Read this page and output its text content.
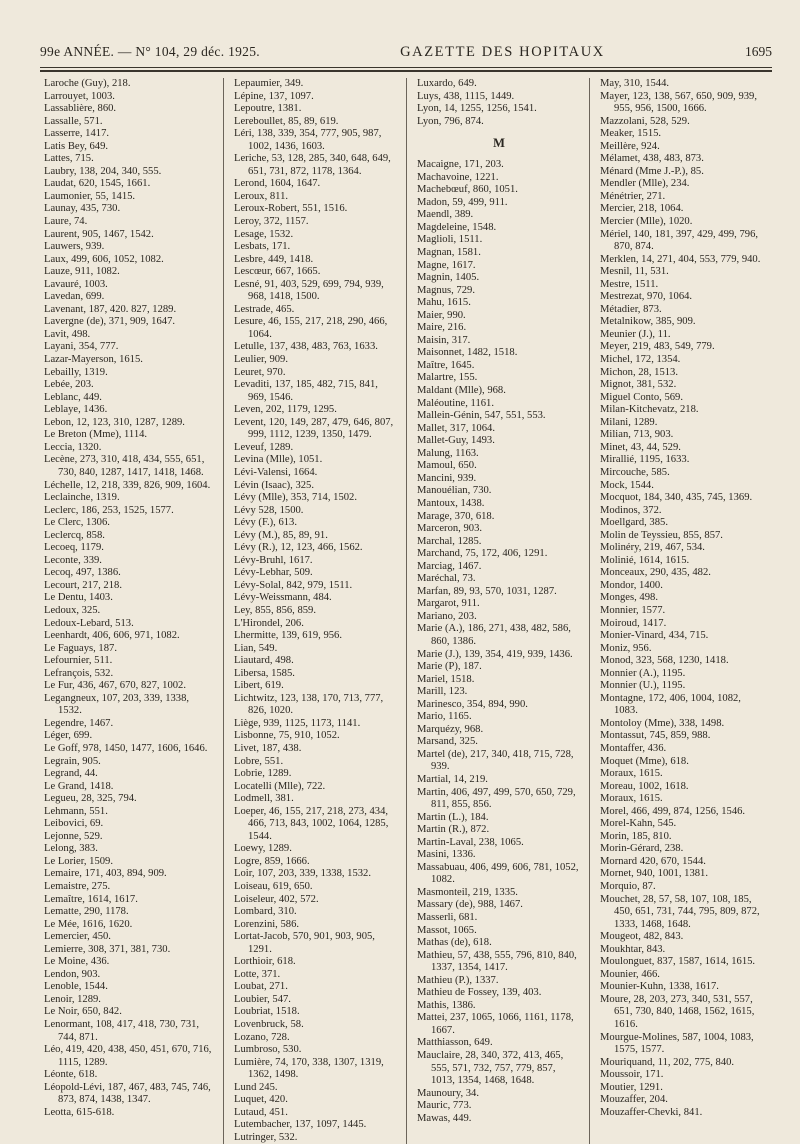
99e ANNÉE. — N° 104, 29 déc. 1925.	GAZETTE DES HOPITAUX	1695
Laroche (Guy), 218.
Larrouyet, 1003.
Lassablière, 860.
Lassalle, 571.
Lasserre, 1417.
Latis Bey, 649.
Lattes, 715.
Laubry, 138, 204, 340, 555.
Laudat, 620, 1545, 1661.
Laumonier, 55, 1415.
Launay, 435, 730.
Laure, 74.
Laurent, 905, 1467, 1542.
Lauwers, 939.
Laux, 499, 606, 1052, 1082.
Lauze, 911, 1082.
Lavauré, 1003.
Lavedan, 699.
Lavenant, 187, 420. 827, 1289.
Lavergne (de), 371, 909, 1647.
Lavit, 498.
Layani, 354, 777.
Lazar-Mayerson, 1615.
Lebailly, 1319.
Lebée, 203.
Leblanc, 449.
Leblaye, 1436.
Lebon, 12, 123, 310, 1287, 1289.
Le Breton (Mme), 1114.
Leccia, 1320.
Lecène, 273, 310, 418, 434, 555, 651, 730, 840, 1287, 1417, 1418, 1468.
Léchelle, 12, 218, 339, 826, 909, 1604.
Leclainche, 1319.
Leclerc, 186, 253, 1525, 1577.
Le Clerc, 1306.
Leclercq, 858.
Lecoeq, 1179.
Leconte, 339.
Lecoq, 497, 1386.
Lecourt, 217, 218.
Le Dentu, 1403.
Ledoux, 325.
Ledoux-Lebard, 513.
Leenhardt, 406, 606, 971, 1082.
Le Faguays, 187.
Lefournier, 511.
Lefrançois, 532.
Le Fur, 436, 467, 670, 827, 1002.
Legangneux, 107, 203, 339, 1338, 1532.
Legendre, 1467.
Léger, 699.
Le Goff, 978, 1450, 1477, 1606, 1646.
Legrain, 905.
Legrand, 44.
Le Grand, 1418.
Legueu, 28, 325, 794.
Lehmann, 551.
Leibovici, 69.
Lejonne, 529.
Lelong, 383.
Le Lorier, 1509.
Lemaire, 171, 403, 894, 909.
Lemaistre, 275.
Lemaître, 1614, 1617.
Lematte, 290, 1178.
Le Mée, 1616, 1620.
Lemercier, 450.
Lemierre, 308, 371, 381, 730.
Le Moine, 436.
Lendon, 903.
Lenoble, 1544.
Lenoir, 1289.
Le Noir, 650, 842.
Lenormant, 108, 417, 418, 730, 731, 744, 871.
Léo, 419, 420, 438, 450, 451, 670, 716, 1115, 1289.
Léonte, 618.
Léopold-Lévi, 187, 467, 483, 745, 746, 873, 874, 1438, 1347.
Leotta, 615-618.
Lepaumier, 349.
Lépine, 137, 1097.
Lepoutre, 1381.
Lereboullet, 85, 89, 619.
Léri, 138, 339, 354, 777, 905, 987, 1002, 1436, 1603.
Leriche, 53, 128, 285, 340, 648, 649, 651, 731, 872, 1178, 1364.
Lerond, 1604, 1647.
Leroux, 811.
Leroux-Robert, 551, 1516.
Leroy, 372, 1157.
Lesage, 1532.
Lesbats, 171.
Lesbre, 449, 1418.
Lescœur, 667, 1665.
Lesné, 91, 403, 529, 699, 794, 939, 968, 1418, 1500.
Lestrade, 465.
Lesure, 46, 155, 217, 218, 290, 466, 1064.
Letulle, 137, 438, 483, 763, 1633.
Leulier, 909.
Leuret, 970.
Levaditi, 137, 185, 482, 715, 841, 969, 1546.
Leven, 202, 1179, 1295.
Levent, 120, 149, 287, 479, 646, 807, 999, 1112, 1239, 1350, 1479.
Leveuf, 1289.
Levina (Mlle), 1051.
Lévi-Valensi, 1664.
Lévin (Isaac), 325.
Lévy (Mlle), 353, 714, 1502.
Lévy 528, 1500.
Lévy (F.), 613.
Lévy (M.), 85, 89, 91.
Lévy (R.), 12, 123, 466, 1562.
Lévy-Bruhl, 1617.
Lévy-Lebhar, 509.
Lévy-Solal, 842, 979, 1511.
Lévy-Weissmann, 484.
Ley, 855, 856, 859.
L'Hirondel, 206.
Lhermitte, 139, 619, 956.
Lian, 549.
Liautard, 498.
Libersa, 1585.
Libert, 619.
Lichtwitz, 123, 138, 170, 713, 777, 826, 1020.
Liège, 939, 1125, 1173, 1141.
Lisbonne, 75, 910, 1052.
Livet, 187, 438.
Lobre, 551.
Lobrie, 1289.
Locatelli (Mlle), 722.
Lodmell, 381.
Loeper, 46, 155, 217, 218, 273, 434, 466, 713, 843, 1002, 1064, 1285, 1544.
Loewy, 1289.
Logre, 859, 1666.
Loir, 107, 203, 339, 1338, 1532.
Loiseau, 619, 650.
Loiseleur, 402, 572.
Lombard, 310.
Lorenzini, 586.
Lortat-Jacob, 570, 901, 903, 905, 1291.
Lorthioir, 618.
Lotte, 371.
Loubat, 271.
Loubier, 547.
Loubriat, 1518.
Lovenbruck, 58.
Lozano, 728.
Lumbroso, 530.
Lumière, 74, 170, 338, 1307, 1319, 1362, 1498.
Lund 245.
Luquet, 420.
Lutaud, 451.
Lutembacher, 137, 1097, 1445.
Lutringer, 532.
Luxardo, 649.
Luys, 438, 1115, 1449.
Lyon, 14, 1255, 1256, 1541.
Lyon, 796, 874.
M
Macaigne, 171, 203.
Machavoine, 1221.
Machebœuf, 860, 1051.
Madon, 59, 499, 911.
Maendl, 389.
Magdeleine, 1548.
Maglioli, 1511.
Magnan, 1581.
Magne, 1617.
Magnin, 1405.
Magnus, 729.
Mahu, 1615.
Maier, 990.
Maire, 216.
Maisin, 317.
Maisonnet, 1482, 1518.
Maître, 1645.
Malartre, 155.
Maldant (Mlle), 968.
Maléoutine, 1161.
Mallein-Génin, 547, 551, 553.
Mallet, 317, 1064.
Mallet-Guy, 1493.
Malung, 1163.
Mamoul, 650.
Mancini, 939.
Manouélian, 730.
Mantoux, 1438.
Marage, 370, 618.
Marceron, 903.
Marchal, 1285.
Marchand, 75, 172, 406, 1291.
Marciag, 1467.
Maréchal, 73.
Marfan, 89, 93, 570, 1031, 1287.
Margarot, 911.
Mariano, 203.
Marie (A.), 186, 271, 438, 482, 586, 860, 1386.
Marie (J.), 139, 354, 419, 939, 1436.
Marie (P), 187.
Mariel, 1518.
Marill, 123.
Marinesco, 354, 894, 990.
Mario, 1165.
Marquézy, 968.
Marsand, 325.
Martel (de), 217, 340, 418, 715, 728, 939.
Martial, 14, 219.
Martin, 406, 497, 499, 570, 650, 729, 811, 855, 856.
Martin (L.), 184.
Martin (R.), 872.
Martin-Laval, 238, 1065.
Masini, 1336.
Massabuau, 406, 499, 606, 781, 1052, 1082.
Masmonteil, 219, 1335.
Massary (de), 988, 1467.
Masserli, 681.
Massot, 1065.
Mathas (de), 618.
Mathieu, 57, 438, 555, 796, 810, 840, 1337, 1354, 1417.
Mathieu (P.), 1337.
Mathieu de Fossey, 139, 403.
Mathis, 1386.
Mattei, 237, 1065, 1066, 1161, 1178, 1667.
Matthiasson, 649.
Mauclaire, 28, 340, 372, 413, 465, 555, 571, 732, 757, 779, 857, 1013, 1354, 1468, 1648.
Maunoury, 34.
Mauric, 773.
Mawas, 449.
May, 310, 1544.
Mayer, 123, 138, 567, 650, 909, 939, 955, 956, 1500, 1666.
Mazzolani, 528, 529.
Meaker, 1515.
Meillère, 924.
Mélamet, 438, 483, 873.
Ménard (Mme J.-P.), 85.
Mendler (Mlle), 234.
Ménétrier, 271.
Mercier, 218, 1064.
Mercier (Mlle), 1020.
Mériel, 140, 181, 397, 429, 499, 796, 870, 874.
Merklen, 14, 271, 404, 553, 779, 940.
Mesnil, 11, 531.
Mestre, 1511.
Mestrezat, 970, 1064.
Métadier, 873.
Metalnikow, 385, 909.
Meunier (J.), 11.
Meyer, 219, 483, 549, 779.
Michel, 172, 1354.
Michon, 28, 1513.
Mignot, 381, 532.
Miguel Conto, 569.
Milan-Kitchevatz, 218.
Milani, 1289.
Milian, 713, 903.
Minet, 43, 44, 529.
Mirallié, 1195, 1633.
Mircouche, 585.
Mock, 1544.
Mocquot, 184, 340, 435, 745, 1369.
Modinos, 372.
Moellgard, 385.
Molin de Teyssieu, 855, 857.
Molinéry, 219, 467, 534.
Molinié, 1614, 1615.
Monceaux, 290, 435, 482.
Mondor, 1400.
Monges, 498.
Monnier, 1577.
Moiroud, 1417.
Monier-Vinard, 434, 715.
Moniz, 956.
Monod, 323, 568, 1230, 1418.
Monnier (A.), 1195.
Monnier (U.), 1195.
Montagne, 172, 406, 1004, 1082, 1083.
Montoloy (Mme), 338, 1498.
Montassut, 745, 859, 988.
Montaffer, 436.
Moquet (Mme), 618.
Moraux, 1615.
Moreau, 1002, 1618.
Moraux, 1615.
Morel, 466, 499, 874, 1256, 1546.
Morel-Kahn, 545.
Morin, 185, 810.
Morin-Gérard, 238.
Mornard 420, 670, 1544.
Mornet, 940, 1001, 1381.
Morquio, 87.
Mouchet, 28, 57, 58, 107, 108, 185, 450, 651, 731, 744, 795, 809, 872, 1333, 1468, 1648.
Mougeot, 482, 843.
Moukhtar, 843.
Moulonguet, 837, 1587, 1614, 1615.
Mounier, 466.
Mounier-Kuhn, 1338, 1617.
Moure, 28, 203, 273, 340, 531, 557, 651, 730, 840, 1468, 1562, 1615, 1616.
Mourgue-Molines, 587, 1004, 1083, 1575, 1577.
Mouriquand, 11, 202, 775, 840.
Moussoir, 171.
Moutier, 1291.
Mouzaffer, 204.
Mouzaffer-Chevki, 841.
